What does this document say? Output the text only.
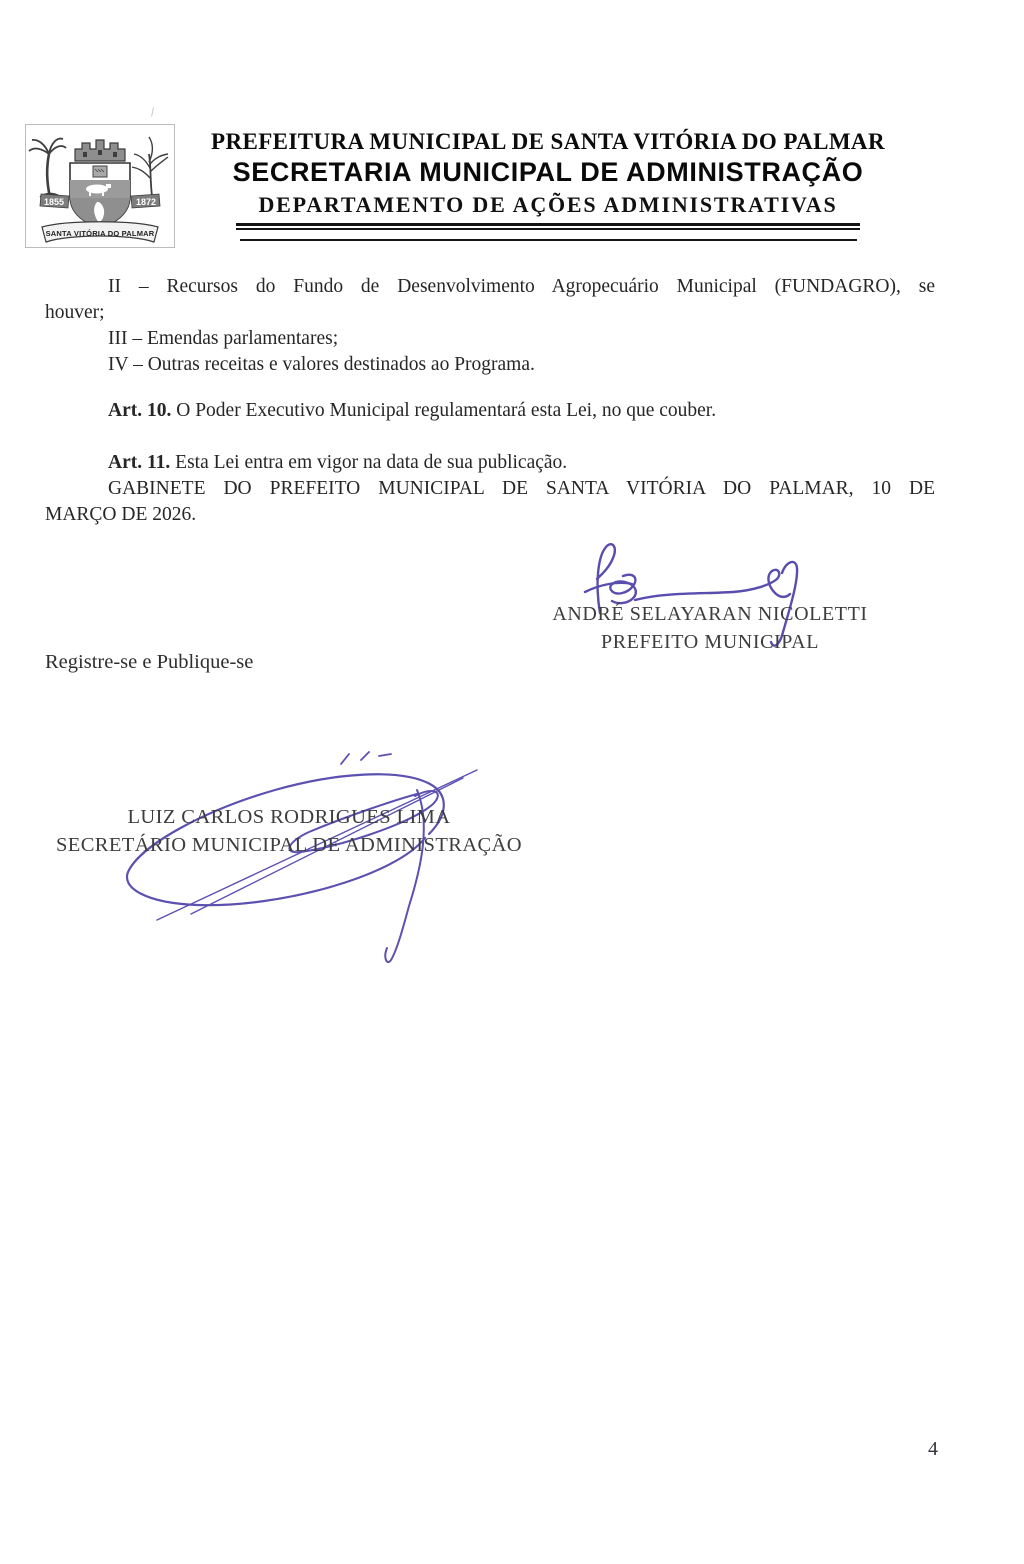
1855	1872
SANTA VITÓRIA DO PALMAR
PREFEITURA MUNICIPAL DE SANTA VITÓRIA DO PALMAR
SECRETARIA MUNICIPAL DE ADMINISTRAÇÃO
DEPARTAMENTO DE AÇÕES ADMINISTRATIVAS
II – Recursos do Fundo de Desenvolvimento Agropecuário Municipal (FUNDAGRO), se
houver;
III – Emendas parlamentares;
IV – Outras receitas e valores destinados ao Programa.
Art. 10. O Poder Executivo Municipal regulamentará esta Lei, no que couber.
Art. 11. Esta Lei entra em vigor na data de sua publicação.
GABINETE DO PREFEITO MUNICIPAL DE SANTA VITÓRIA DO PALMAR, 10 DE
MARÇO DE 2026.
ANDRÉ SELAYARAN NICOLETTI
PREFEITO MUNICIPAL
Registre-se e Publique-se
LUIZ CARLOS RODRIGUES LIMA
SECRETÁRIO MUNICIPAL DE ADMINISTRAÇÃO
4
